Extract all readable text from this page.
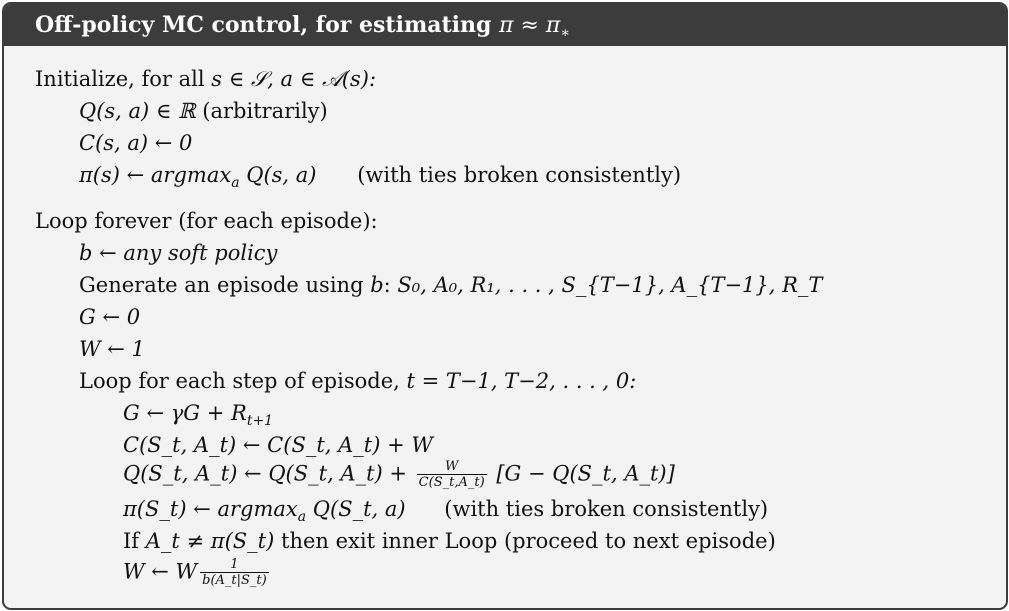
Off-policy MC control, for estimating $\pi \approx \pi_∗$
Initialize, for all s ∈ 𝒮, a ∈ 𝒜(s):
Q(s, a) ∈ ℝ (arbitrarily)
C(s, a) ← 0
π(s) ← argmax$_a$ Q(s, a) (with ties broken consistently)
Loop forever (for each episode):
b ← any soft policy
Generate an episode using b: S₀, A₀, R₁, . . . , S_{T−1}, A_{T−1}, R_T
G ← 0
W ← 1
Loop for each step of episode, t = T−1, T−2, . . . , 0:
G ← $\gamma G + R_{t+1}$
C(S_t, A_t) ← C(S_t, A_t) + W
Q(S_t, A_t) ← Q(S_t, A_t) + $\frac{W}{C(S\_t,A\_t)} [G$ − Q(S_t, A_t)]
π(S_t) ← argmax$_a$ Q(S_t, a) (with ties broken consistently)
If A_t ≠ π(S_t) then exit inner Loop (proceed to next episode)
W ← W $\frac{1}{b(A\_t|S\_t)}$
